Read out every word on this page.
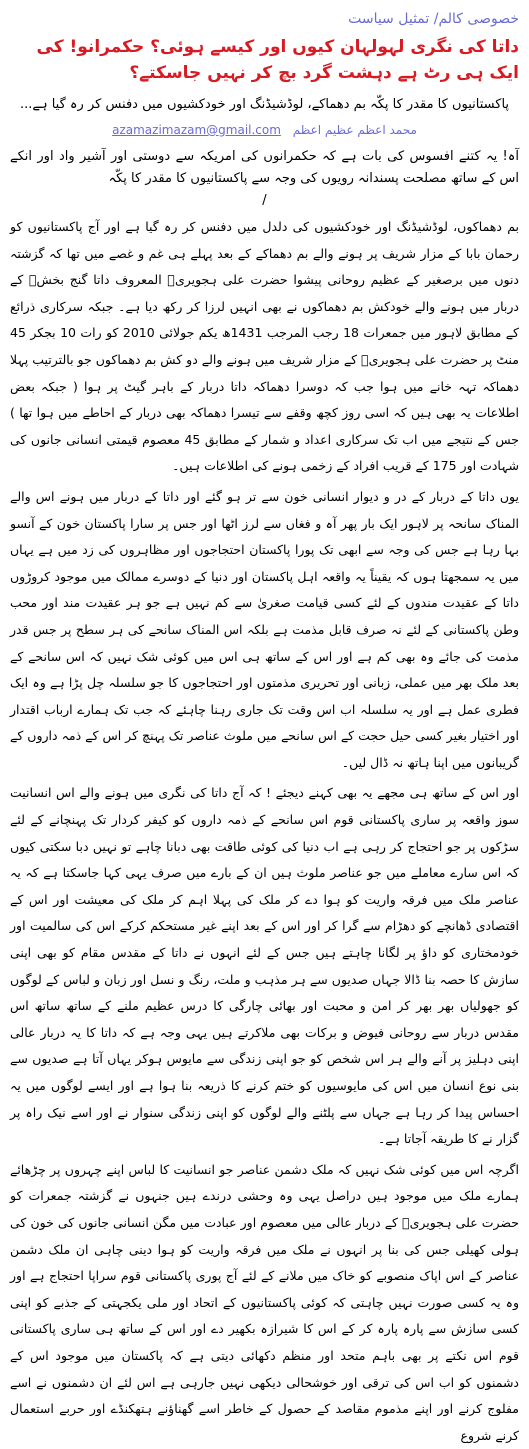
خصوصی کالم/ تمثیل سیاست
داتا کی نگری لہولہان کیوں اور کیسے ہوئی؟ حکمرانو! کی ایک ہی رٹ ہے دہشت گرد بچ کر نہیں جاسکتے؟
پاکستانیوں کا مقدر کا پکّہ بم دھماکے، لوڈشیڈنگ اور خودکشیوں میں دفنس کر رہ گیا ہے...
محمد اعظم عظیم اعظم azamazimazam@gmail.com
آہ! یہ کتنے افسوس کی بات ہے کہ حکمرانوں کی امریکہ سے دوستی اور آشیر واد اور انکے اس کے ساتھ مصلحت پسندانہ رویوں کی وجہ سے پاکستانیوں کا مقدر کا پکّہ
/

بم دھماکوں، لوڈشیڈنگ اور خودکشیوں کی دلدل میں دفنس کر رہ گیا ہے اور آج پاکستانیوں کو رحمان بابا کے مزار شریف پر ہونے والے بم دھماکے کے بعد پہلے ہی غم و غصے میں تھا کہ گزشتہ دنوں میں برصغیر کے عظیم روحانی پیشوا حضرت علی ہجویریؒ المعروف داتا گنج بخشؒ کے دربار میں ہونے والے خودکش بم دھماکوں نے بھی انہیں لرزا کر رکھ دیا ہے۔ جبکہ سرکاری ذرائع کے مطابق لاہور میں جمعرات 18 رجب المرجب 1431ھ یکم جولائی 2010 کو رات 10 بجکر 45 منٹ پر حضرت علی ہجویریؒ کے مزار شریف میں ہونے والے دو کش بم دھماکوں جو بالترتیب پہلا دھماکہ تہہ خانے میں ہوا جب کہ دوسرا دھماکہ داتا دربار کے باہر گیٹ پر ہوا ( جبکہ بعض اطلاعات یہ بھی ہیں کہ اسی روز کچھ وقفے سے تیسرا دھماکہ بھی دربار کے احاطے میں ہوا تھا ) جس کے نتیجے میں اب تک سرکاری اعداد و شمار کے مطابق 45 معصوم قیمتی انسانی جانوں کی شہادت اور 175 کے قریب افراد کے زخمی ہونے کی اطلاعات ہیں۔

یوں داتا کے دربار کے در و دیوار انسانی خون سے تر ہو گئے اور داتا کے دربار میں ہونے اس والے المناک سانحہ پر لاہور ایک بار پھر آہ و فغاں سے لرز اٹھا اور جس پر سارا پاکستان خون کے آنسو بہا رہا ہے جس کی وجہ سے ابھی تک پورا پاکستان احتجاجوں اور مظاہروں کی زد میں ہے یہاں میں یہ سمجھتا ہوں کہ یقیناً یہ واقعہ اہل پاکستان اور دنیا کے دوسرے ممالک میں موجود کروڑوں داتا کے عقیدت مندوں کے لئے کسی قیامت صغریٰ سے کم نہیں ہے جو ہر عقیدت مند اور محب وطن پاکستانی کے لئے نہ صرف قابل مذمت ہے بلکہ اس المناک سانحے کی ہر سطح پر جس قدر مذمت کی جائے وہ بھی کم ہے اور اس کے ساتھ ہی اس میں کوئی شک نہیں کہ اس سانحے کے بعد ملک بھر میں عملی، زبانی اور تحریری مذمتوں اور احتجاجوں کا جو سلسلہ چل پڑا ہے وہ ایک فطری عمل ہے اور یہ سلسلہ اب اس وقت تک جاری رہنا چاہئے کہ جب تک ہمارے ارباب اقتدار اور اختیار بغیر کسی حیل حجت کے اس سانحے میں ملوث عناصر تک پہنچ کر اس کے ذمہ داروں کے گریبانوں میں اپنا ہاتھ نہ ڈال لیں۔

اور اس کے ساتھ ہی مجھے یہ بھی کہنے دیجئے ! کہ آج داتا کی نگری میں ہونے والے اس انسانیت سوز واقعہ پر ساری پاکستانی قوم اس سانحے کے ذمہ داروں کو کیفر کردار تک پہنچانے کے لئے سڑکوں پر جو احتجاج کر رہی ہے اب دنیا کی کوئی طاقت بھی دبانا چاہے تو نہیں دبا سکتی کیوں کہ اس سارے معاملے میں جو عناصر ملوث ہیں ان کے بارے میں صرف یہی کہا جاسکتا ہے کہ یہ عناصر ملک میں فرقہ واریت کو ہوا دے کر ملک کی پہلا اہم کر ملک کی معیشت اور اس کے اقتصادی ڈھانچے کو دھڑام سے گرا کر اور اس کے بعد اپنے غیر مستحکم کرکے اس کی سالمیت اور خودمختاری کو داؤ پر لگانا چاہتے ہیں جس کے لئے انہوں نے داتا کے مقدس مقام کو بھی اپنی سازش کا حصہ بنا ڈالا جہاں صدیوں سے ہر مذہب و ملت، رنگ و نسل اور زبان و لباس کے لوگوں کو جھولیاں بھر بھر کر امن و محبت اور بھائی چارگی کا درس عظیم ملنے کے ساتھ ساتھ اس مقدس دربار سے روحانی فیوض و برکات بھی ملاکرتے ہیں یہی وجہ ہے کہ داتا کا یہ دربار عالی اپنی دہلیز پر آنے والے ہر اس شخص کو جو اپنی زندگی سے مایوس ہوکر یہاں آتا ہے صدیوں سے بنی نوع انسان میں اس کی مایوسیوں کو ختم کرنے کا ذریعہ بنا ہوا ہے اور ایسے لوگوں میں یہ احساس پیدا کر رہا ہے جہاں سے پلٹنے والے لوگوں کو اپنی زندگی سنوار نے اور اسے نیک راہ پر گزار نے کا طریقہ آجاتا ہے۔

اگرچہ اس میں کوئی شک نہیں کہ ملک دشمن عناصر جو انسانیت کا لباس اپنے چہروں پر چڑھائے ہمارے ملک میں موجود ہیں دراصل یہی وہ وحشی درندے ہیں جنہوں نے گزشتہ جمعرات کو حضرت علی ہجویریؒ کے دربار عالی میں معصوم اور عبادت میں مگن انسانی جانوں کی خون کی ہولی کھیلی جس کی بنا پر انہوں نے ملک میں فرقہ واریت کو ہوا دینی چاہی ان ملک دشمن عناصر کے اس اپاک منصوبے کو خاک میں ملانے کے لئے آج پوری پاکستانی قوم سراپا احتجاج ہے اور وہ یہ کسی صورت نہیں چاہتی کہ کوئی پاکستانیوں کے اتحاد اور ملی یکجہتی کے جذبے کو اپنی کسی سازش سے پارہ پارہ کر کے اس کا شیرازہ بکھیر دے اور اس کے ساتھ ہی ساری پاکستانی قوم اس نکتے پر بھی باہم متحد اور منظم دکھائی دیتی ہے کہ پاکستان میں موجود اس کے دشمنوں کو اب اس کی ترقی اور خوشحالی دیکھی نہیں جارہی ہے اس لئے ان دشمنوں نے اسے مفلوج کرنے اور اپنے مذموم مقاصد کے حصول کے خاطر اسے گھناؤنے ہتھکنڈے اور حربے استعمال کرنے شروع
